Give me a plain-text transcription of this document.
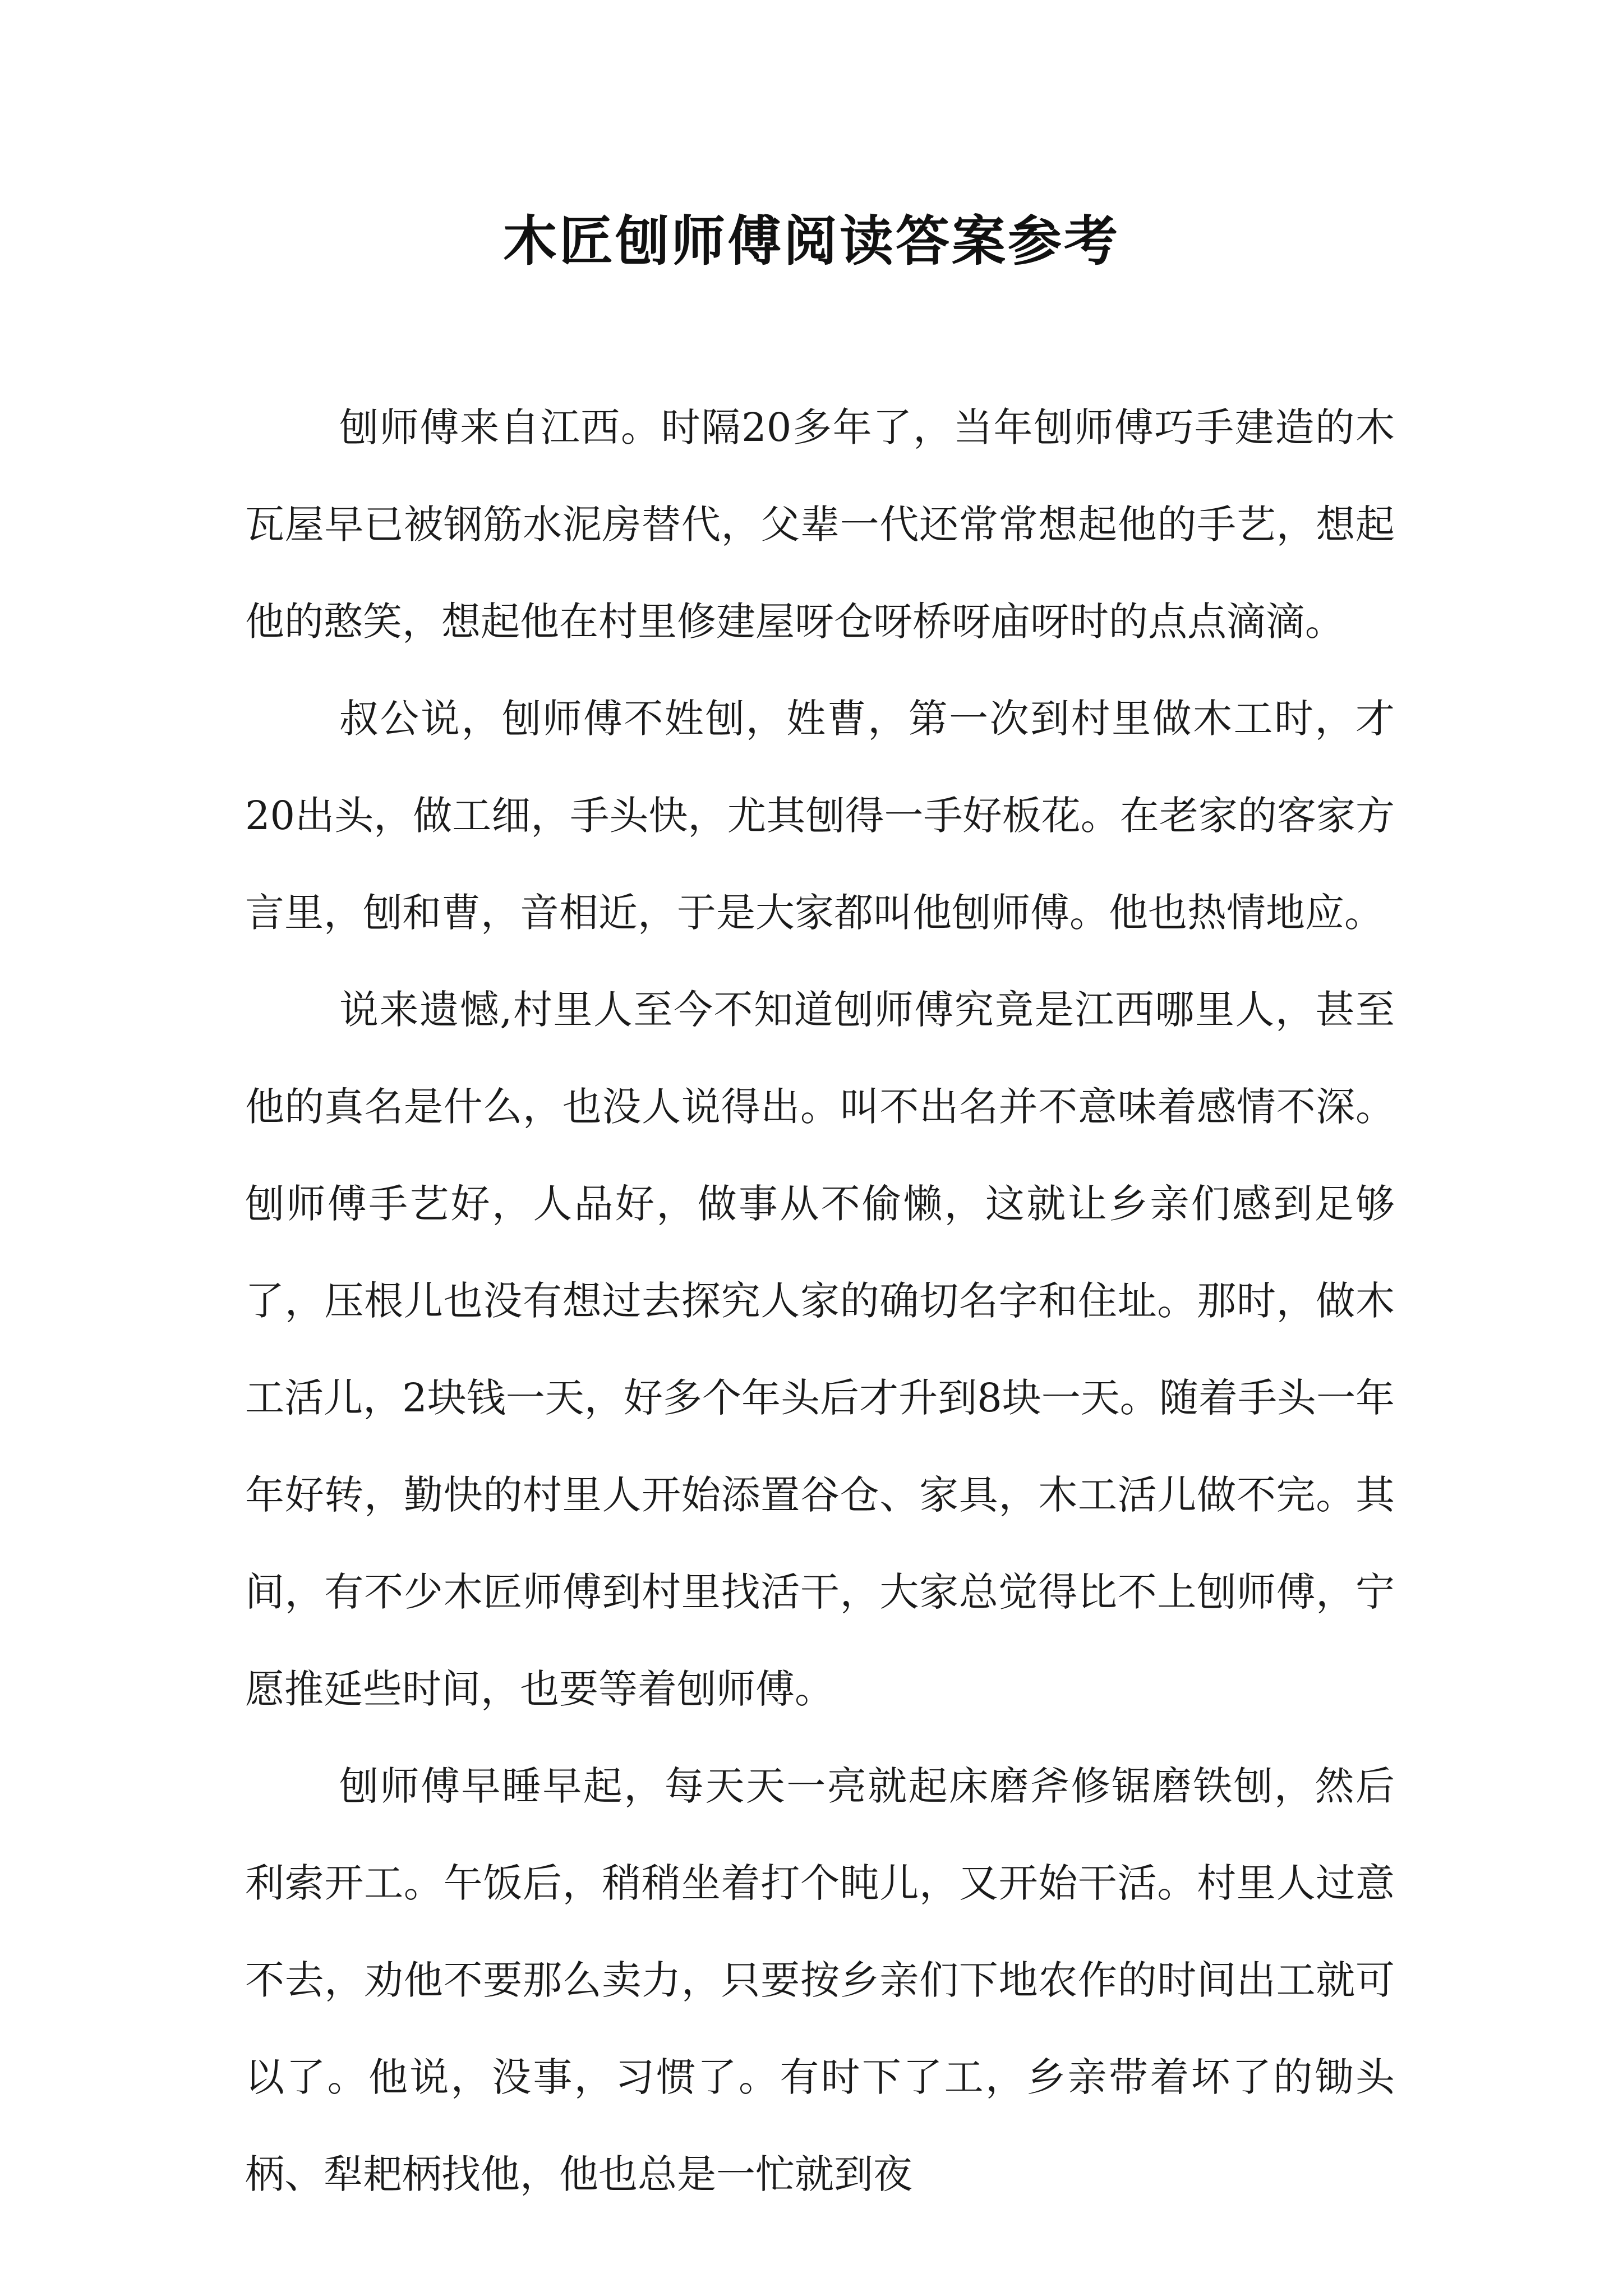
木匠刨师傅阅读答案参考

刨师傅来自江西。时隔20多年了，当年刨师傅巧手建造的木瓦屋早已被钢筋水泥房替代，父辈一代还常常想起他的手艺，想起他的憨笑，想起他在村里修建屋呀仓呀桥呀庙呀时的点点滴滴。

叔公说，刨师傅不姓刨，姓曹，第一次到村里做木工时，才20出头，做工细，手头快，尤其刨得一手好板花。在老家的客家方言里，刨和曹，音相近，于是大家都叫他刨师傅。他也热情地应。

说来遗憾,村里人至今不知道刨师傅究竟是江西哪里人，甚至他的真名是什么，也没人说得出。叫不出名并不意味着感情不深。刨师傅手艺好，人品好，做事从不偷懒，这就让乡亲们感到足够了，压根儿也没有想过去探究人家的确切名字和住址。那时，做木工活儿，2块钱一天，好多个年头后才升到8块一天。随着手头一年年好转，勤快的村里人开始添置谷仓、家具，木工活儿做不完。其间，有不少木匠师傅到村里找活干，大家总觉得比不上刨师傅，宁愿推延些时间，也要等着刨师傅。

刨师傅早睡早起，每天天一亮就起床磨斧修锯磨铁刨，然后利索开工。午饭后，稍稍坐着打个盹儿，又开始干活。村里人过意不去，劝他不要那么卖力，只要按乡亲们下地农作的时间出工就可以了。他说，没事，习惯了。有时下了工，乡亲带着坏了的锄头柄、犁耙柄找他，他也总是一忙就到夜
